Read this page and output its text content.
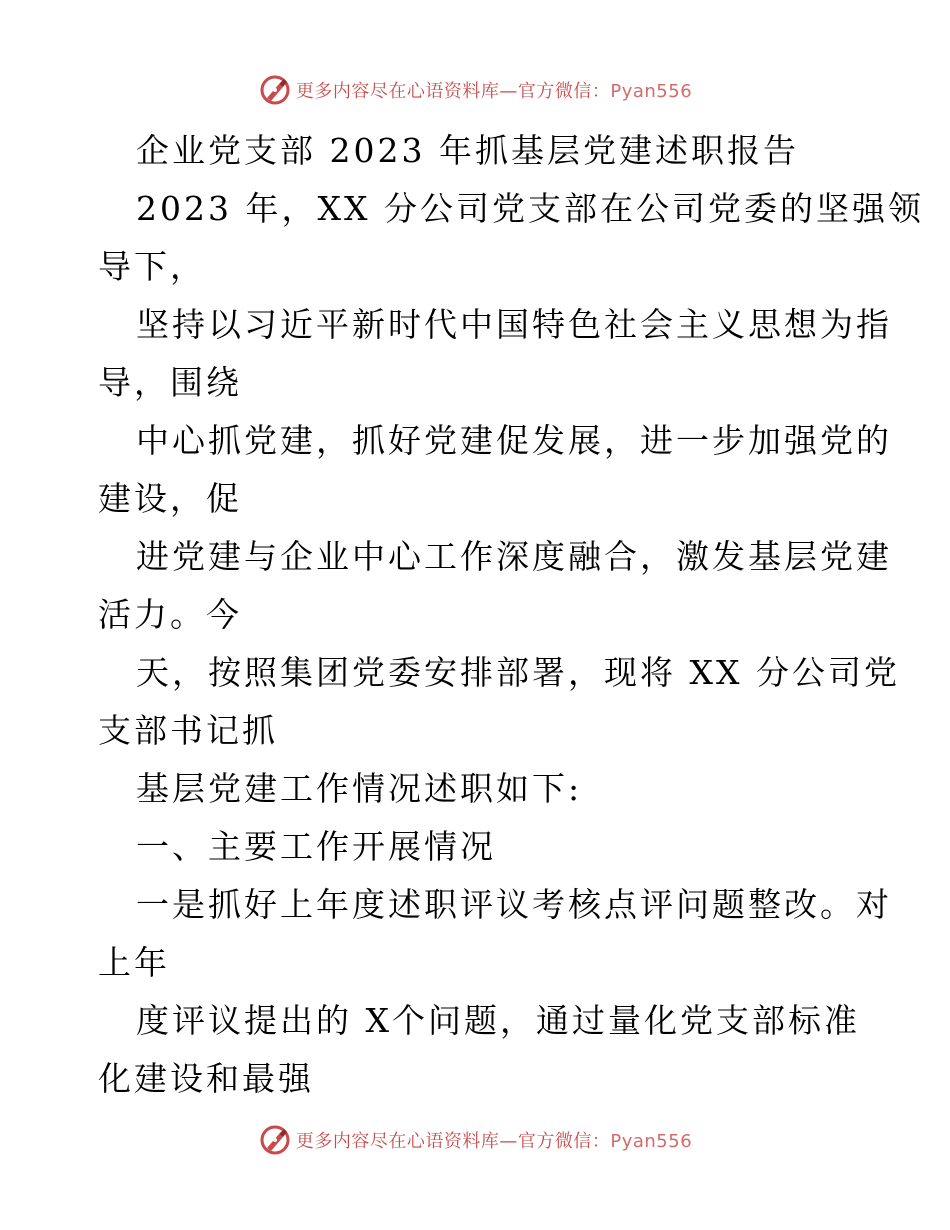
更多内容尽在心语资料库—官方微信：Pyan556
企业党支部 2023 年抓基层党建述职报告
2023 年，XX 分公司党支部在公司党委的坚强领
导下，
坚持以习近平新时代中国特色社会主义思想为指
导，围绕
中心抓党建，抓好党建促发展，进一步加强党的
建设，促
进党建与企业中心工作深度融合，激发基层党建
活力。今
天，按照集团党委安排部署，现将 XX 分公司党
支部书记抓
基层党建工作情况述职如下:
一、主要工作开展情况
一是抓好上年度述职评议考核点评问题整改。对
上年
度评议提出的 X个问题，通过量化党支部标准
化建设和最强
更多内容尽在心语资料库—官方微信：Pyan556
